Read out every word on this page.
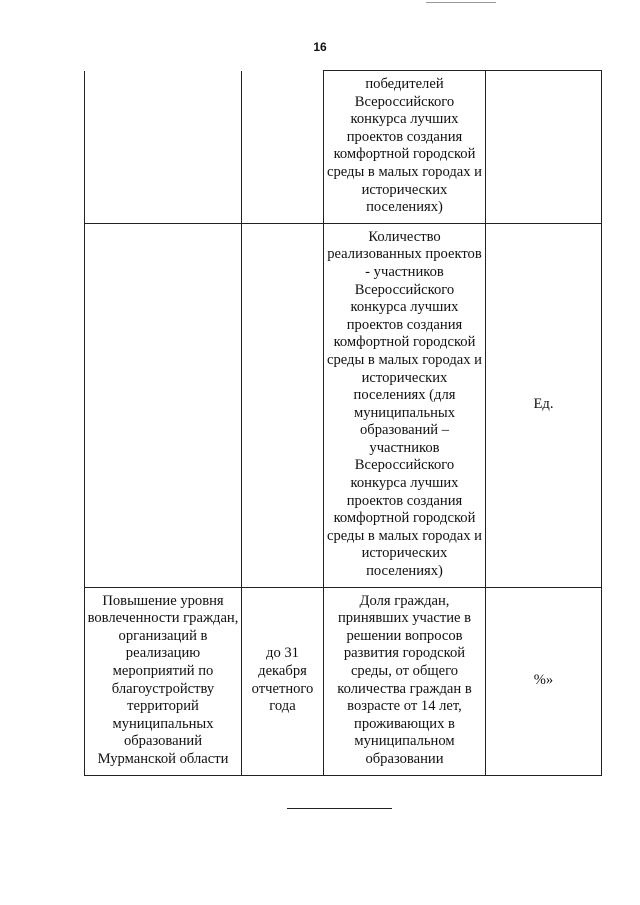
16
		победителей Всероссийского конкурса лучших проектов создания комфортной городской среды в малых городах и исторических поселениях)	
		Количество реализованных проектов - участников Всероссийского конкурса лучших проектов создания комфортной городской среды в малых городах и исторических поселениях (для муниципальных образований – участников Всероссийского конкурса лучших проектов создания комфортной городской среды в малых городах и исторических поселениях)	Ед.
Повышение уровня вовлеченности граждан, организаций в реализацию мероприятий по благоустройству территорий муниципальных образований Мурманской области	до 31 декабря отчетного года	Доля граждан, принявших участие в решении вопросов развития городской среды, от общего количества граждан в возрасте от 14 лет, проживающих в муниципальном образовании	%»
